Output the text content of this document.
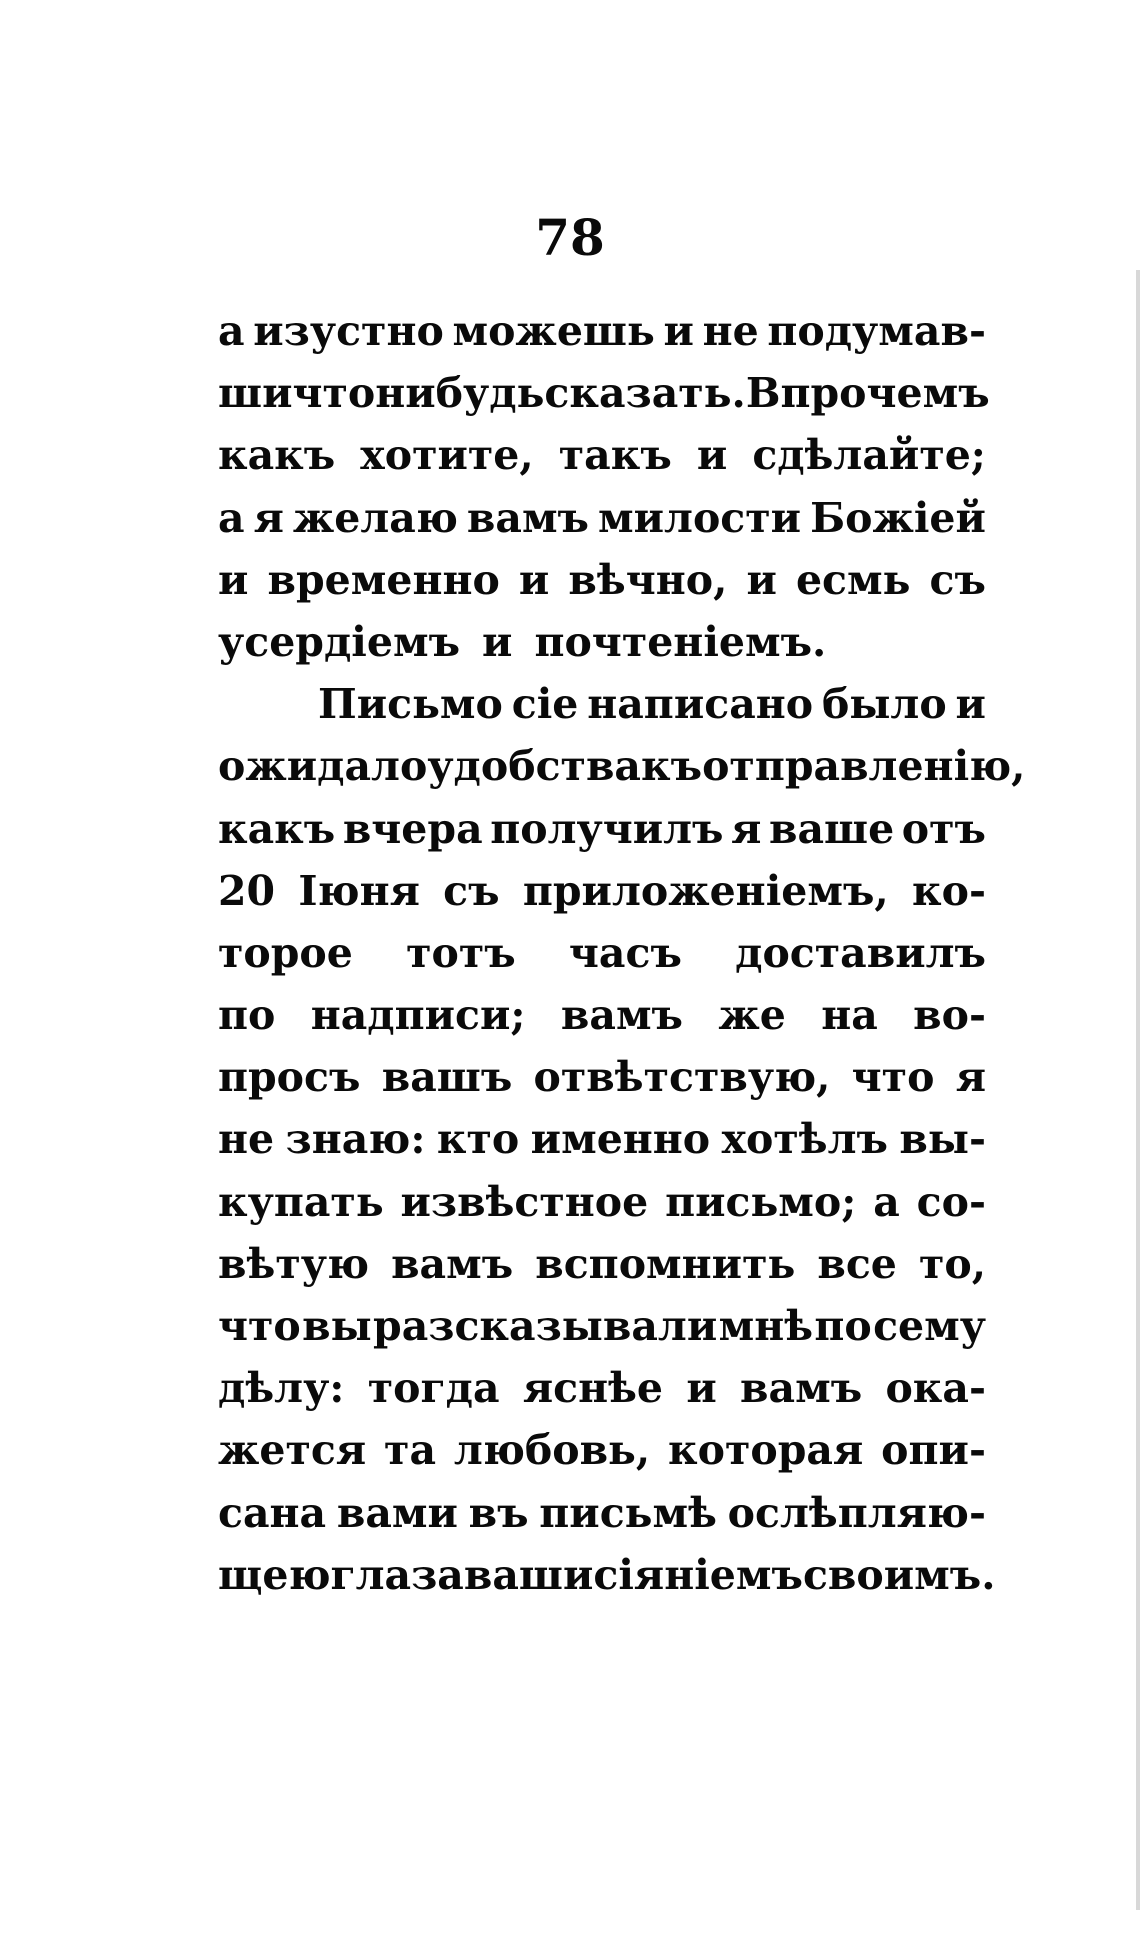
78
а изустно можешь и не подумав-
ши что нибудь сказать. Впрочемъ
какъ хотите, такъ и сдѣлайте;
а я желаю вамъ милости Божіей
и временно и вѣчно, и есмь съ
усердіемъ и почтеніемъ.
Письмо сіе написано было и
ожидало удобства къ отправленію,
какъ вчера получилъ я ваше отъ
20 Іюня съ приложеніемъ, ко-
торое тотъ часъ доставилъ
по надписи; вамъ же на во-
просъ вашъ отвѣтствую, что я
не знаю: кто именно хотѣлъ вы-
купать извѣстное письмо; а со-
вѣтую вамъ вспомнить все то,
что вы разсказывали мнѣ по сему
дѣлу: тогда яснѣе и вамъ ока-
жется та любовь, которая опи-
сана вами въ письмѣ ослѣпляю-
щею глаза ваши сіяніемъ своимъ.
